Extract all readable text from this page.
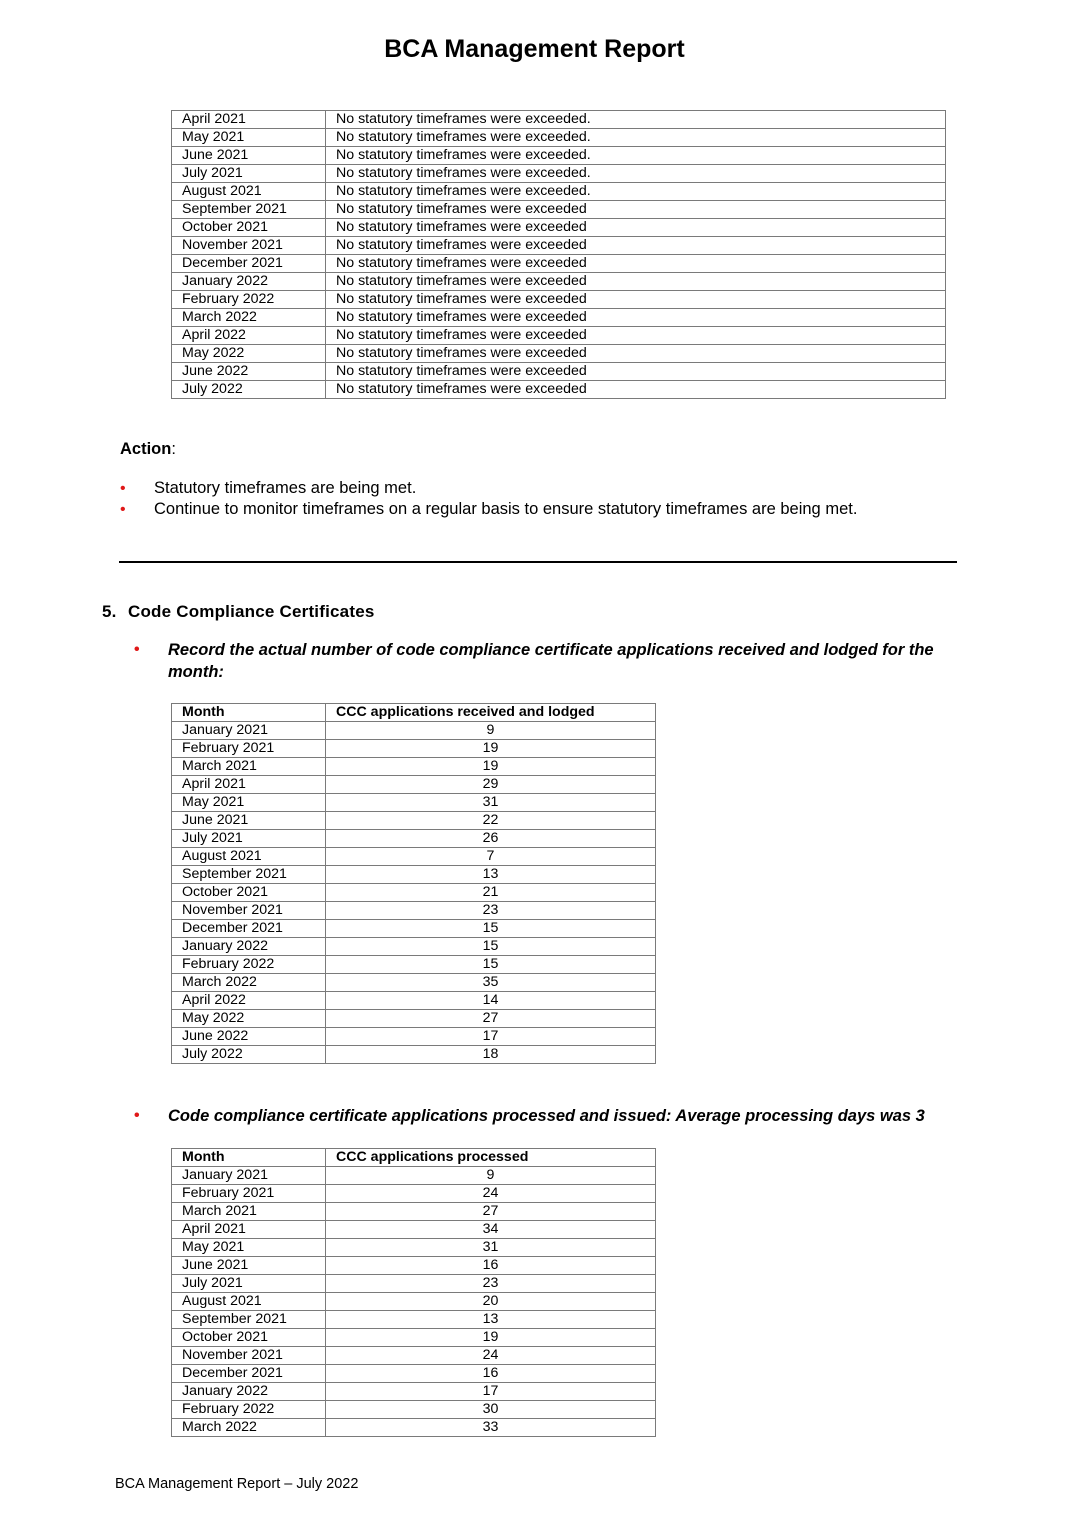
BCA Management Report
April 2021	No statutory timeframes were exceeded.
May 2021	No statutory timeframes were exceeded.
June 2021	No statutory timeframes were exceeded.
July 2021	No statutory timeframes were exceeded.
August 2021	No statutory timeframes were exceeded.
September 2021	No statutory timeframes were exceeded
October 2021	No statutory timeframes were exceeded
November 2021	No statutory timeframes were exceeded
December 2021	No statutory timeframes were exceeded
January 2022	No statutory timeframes were exceeded
February 2022	No statutory timeframes were exceeded
March 2022	No statutory timeframes were exceeded
April 2022	No statutory timeframes were exceeded
May 2022	No statutory timeframes were exceeded
June 2022	No statutory timeframes were exceeded
July 2022	No statutory timeframes were exceeded
Action:
• Statutory timeframes are being met.
• Continue to monitor timeframes on a regular basis to ensure statutory timeframes are being met.
5. Code Compliance Certificates
•	Record the actual number of code compliance certificate applications received and lodged for the month:
Month	CCC applications received and lodged
January 2021	9
February 2021	19
March 2021	19
April 2021	29
May 2021	31
June 2021	22
July 2021	26
August 2021	7
September 2021	13
October 2021	21
November 2021	23
December 2021	15
January 2022	15
February 2022	15
March 2022	35
April 2022	14
May 2022	27
June 2022	17
July 2022	18
•	Code compliance certificate applications processed and issued: Average processing days was 3
Month	CCC applications processed
January 2021	9
February 2021	24
March 2021	27
April 2021	34
May 2021	31
June 2021	16
July 2021	23
August 2021	20
September 2021	13
October 2021	19
November 2021	24
December 2021	16
January 2022	17
February 2022	30
March 2022	33
BCA Management Report – July 2022
